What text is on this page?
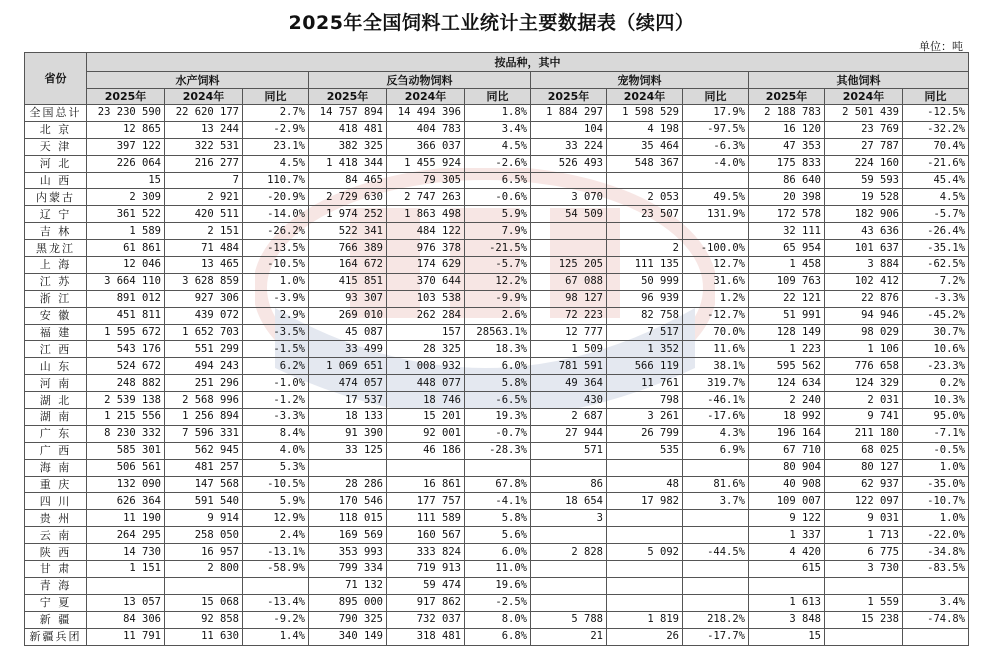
2025年全国饲料工业统计主要数据表（续四）
单位：吨
省份	按品种，其中											
	水产饲料			反刍动物饲料			宠物饲料			其他饲料		
	2025年	2024年	同比	2025年	2024年	同比	2025年	2024年	同比	2025年	2024年	同比
全国总计	23 230 590	22 620 177	2.7%	14 757 894	14 494 396	1.8%	1 884 297	1 598 529	17.9%	2 188 783	2 501 439	-12.5%
北 京	12 865	13 244	-2.9%	418 481	404 783	3.4%	104	4 198	-97.5%	16 120	23 769	-32.2%
天 津	397 122	322 531	23.1%	382 325	366 037	4.5%	33 224	35 464	-6.3%	47 353	27 787	70.4%
河 北	226 064	216 277	4.5%	1 418 344	1 455 924	-2.6%	526 493	548 367	-4.0%	175 833	224 160	-21.6%
山 西	15	7	110.7%	84 465	79 305	6.5%				86 640	59 593	45.4%
内蒙古	2 309	2 921	-20.9%	2 729 630	2 747 263	-0.6%	3 070	2 053	49.5%	20 398	19 528	4.5%
辽 宁	361 522	420 511	-14.0%	1 974 252	1 863 498	5.9%	54 509	23 507	131.9%	172 578	182 906	-5.7%
吉 林	1 589	2 151	-26.2%	522 341	484 122	7.9%				32 111	43 636	-26.4%
黑龙江	61 861	71 484	-13.5%	766 389	976 378	-21.5%		2	-100.0%	65 954	101 637	-35.1%
上 海	12 046	13 465	-10.5%	164 672	174 629	-5.7%	125 205	111 135	12.7%	1 458	3 884	-62.5%
江 苏	3 664 110	3 628 859	1.0%	415 851	370 644	12.2%	67 088	50 999	31.6%	109 763	102 412	7.2%
浙 江	891 012	927 306	-3.9%	93 307	103 538	-9.9%	98 127	96 939	1.2%	22 121	22 876	-3.3%
安 徽	451 811	439 072	2.9%	269 010	262 284	2.6%	72 223	82 758	-12.7%	51 991	94 946	-45.2%
福 建	1 595 672	1 652 703	-3.5%	45 087	157	28563.1%	12 777	7 517	70.0%	128 149	98 029	30.7%
江 西	543 176	551 299	-1.5%	33 499	28 325	18.3%	1 509	1 352	11.6%	1 223	1 106	10.6%
山 东	524 672	494 243	6.2%	1 069 651	1 008 932	6.0%	781 591	566 119	38.1%	595 562	776 658	-23.3%
河 南	248 882	251 296	-1.0%	474 057	448 077	5.8%	49 364	11 761	319.7%	124 634	124 329	0.2%
湖 北	2 539 138	2 568 996	-1.2%	17 537	18 746	-6.5%	430	798	-46.1%	2 240	2 031	10.3%
湖 南	1 215 556	1 256 894	-3.3%	18 133	15 201	19.3%	2 687	3 261	-17.6%	18 992	9 741	95.0%
广 东	8 230 332	7 596 331	8.4%	91 390	92 001	-0.7%	27 944	26 799	4.3%	196 164	211 180	-7.1%
广 西	585 301	562 945	4.0%	33 125	46 186	-28.3%	571	535	6.9%	67 710	68 025	-0.5%
海 南	506 561	481 257	5.3%							80 904	80 127	1.0%
重 庆	132 090	147 568	-10.5%	28 286	16 861	67.8%	86	48	81.6%	40 908	62 937	-35.0%
四 川	626 364	591 540	5.9%	170 546	177 757	-4.1%	18 654	17 982	3.7%	109 007	122 097	-10.7%
贵 州	11 190	9 914	12.9%	118 015	111 589	5.8%	3			9 122	9 031	1.0%
云 南	264 295	258 050	2.4%	169 569	160 567	5.6%				1 337	1 713	-22.0%
陕 西	14 730	16 957	-13.1%	353 993	333 824	6.0%	2 828	5 092	-44.5%	4 420	6 775	-34.8%
甘 肃	1 151	2 800	-58.9%	799 334	719 913	11.0%				615	3 730	-83.5%
青 海				71 132	59 474	19.6%						
宁 夏	13 057	15 068	-13.4%	895 000	917 862	-2.5%				1 613	1 559	3.4%
新 疆	84 306	92 858	-9.2%	790 325	732 037	8.0%	5 788	1 819	218.2%	3 848	15 238	-74.8%
新疆兵团	11 791	11 630	1.4%	340 149	318 481	6.8%	21	26	-17.7%	15		
